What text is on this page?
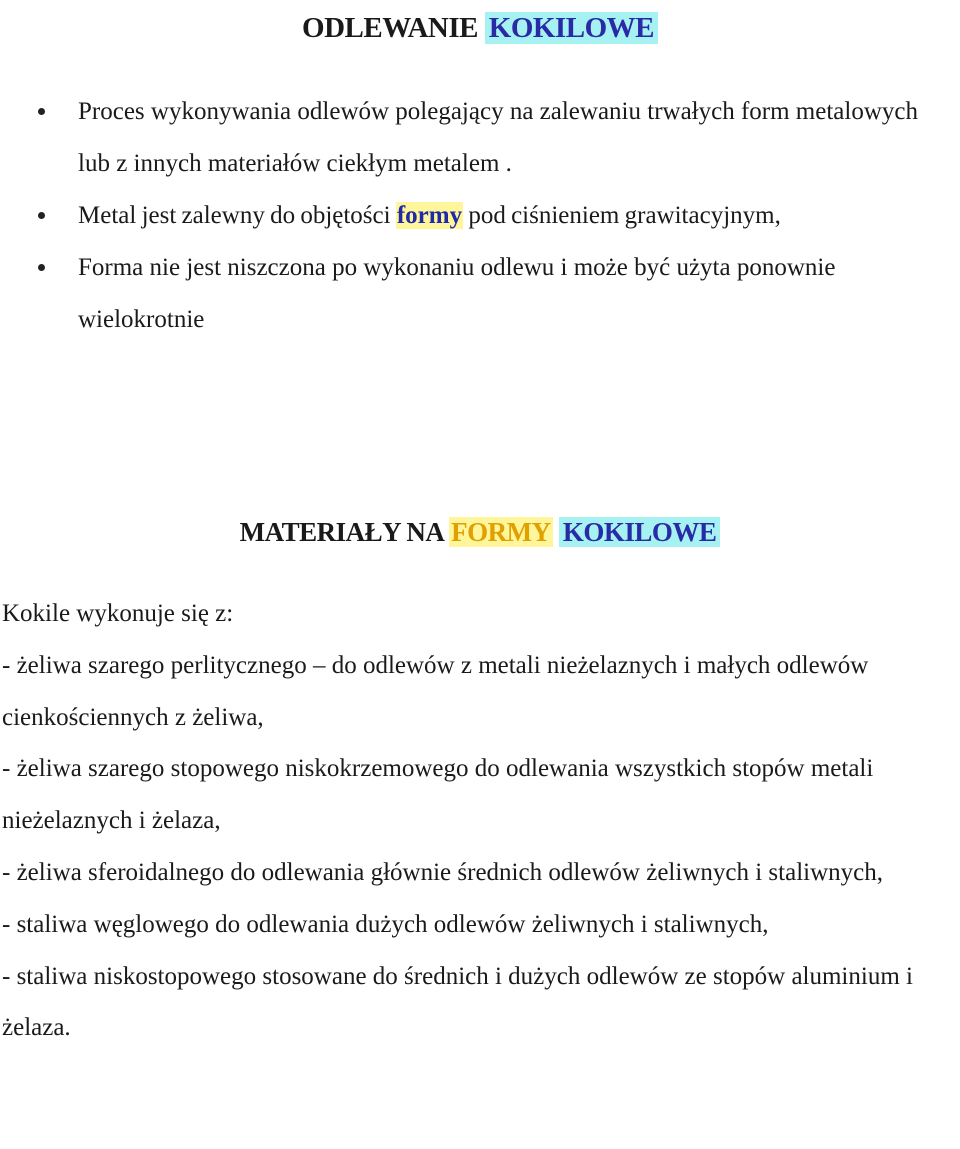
ODLEWANIE KOKILOWE
Proces wykonywania odlewów polegający na zalewaniu trwałych form metalowych lub z innych materiałów ciekłym metalem .
Metal jest zalewny do objętości formy pod ciśnieniem grawitacyjnym,
Forma nie jest niszczona po wykonaniu odlewu i może być użyta ponownie wielokrotnie
MATERIAŁY NA FORMY KOKILOWE

Kokile wykonuje się z:

- żeliwa szarego perlitycznego – do odlewów z metali nieżelaznych i małych odlewów cienkościennych z żeliwa,

- żeliwa szarego stopowego niskokrzemowego do odlewania wszystkich stopów metali nieżelaznych i żelaza,

- żeliwa sferoidalnego do odlewania głównie średnich odlewów żeliwnych i staliwnych,

- staliwa węglowego do odlewania dużych odlewów żeliwnych i staliwnych,

- staliwa niskostopowego stosowane do średnich i dużych odlewów ze stopów aluminium i żelaza.
